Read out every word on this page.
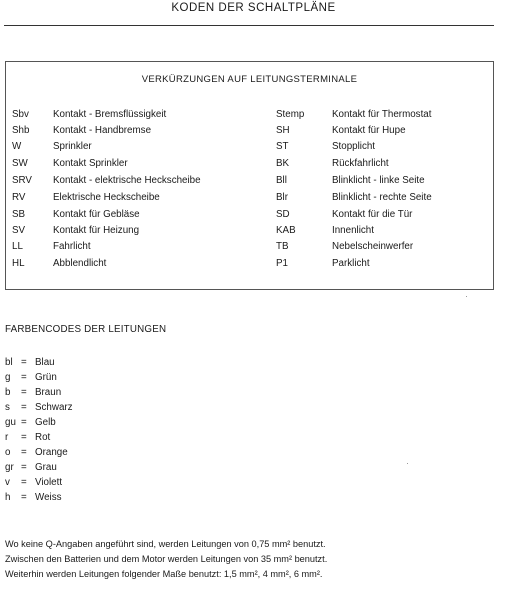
KODEN DER SCHALTPLÄNE
VERKÜRZUNGEN AUF LEITUNGSTERMINALE
Sbv Kontakt - Bremsflüssigkeit
Shb Kontakt - Handbremse
W	Sprinkler
SW	Kontakt Sprinkler
SRV Kontakt - elektrische Heckscheibe
RV	Elektrische Heckscheibe
SB	Kontakt für Gebläse
SV	Kontakt für Heizung
LL	Fahrlicht
HL	Abblendlicht
Stemp	Kontakt für Thermostat
SH	Kontakt für Hupe
ST	Stopplicht
BK	Rückfahrlicht
Bll	Blinklicht - linke Seite
Blr	Blinklicht - rechte Seite
SD	Kontakt für die Tür
KAB	Innenlicht
TB	Nebelscheinwerfer
P1	Parklicht
FARBENCODES DER LEITUNGEN
bl = Blau
g = Grün
b = Braun
s = Schwarz
gu = Gelb
r = Rot
o = Orange
gr = Grau
v = Violett
h = Weiss
Wo keine Q-Angaben angeführt sind, werden Leitungen von 0,75 mm² benutzt.
Zwischen den Batterien und dem Motor werden Leitungen von 35 mm² benutzt.
Weiterhin werden Leitungen folgender Maße benutzt: 1,5 mm², 4 mm², 6 mm².
